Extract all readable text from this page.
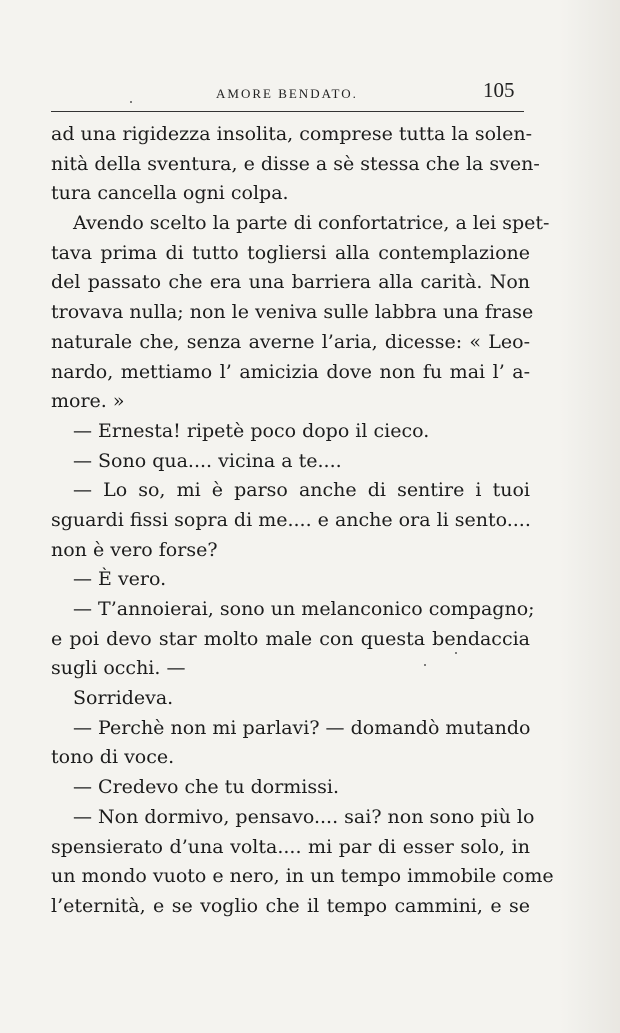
AMORE BENDATO.	105
ad una rigidezza insolita, comprese tutta la solen-
nità della sventura, e disse a sè stessa che la sven-
tura cancella ogni colpa.
Avendo scelto la parte di confortatrice, a lei spet-
tava prima di tutto togliersi alla contemplazione
del passato che era una barriera alla carità. Non
trovava nulla; non le veniva sulle labbra una frase
naturale che, senza averne l’aria, dicesse: « Leo-
nardo, mettiamo l’ amicizia dove non fu mai l’ a-
more. »
— Ernesta! ripetè poco dopo il cieco.
— Sono qua.... vicina a te....
— Lo so, mi è parso anche di sentire i tuoi
sguardi fissi sopra di me.... e anche ora li sento....
non è vero forse?
— È vero.
— T’annoierai, sono un melanconico compagno;
e poi devo star molto male con questa bendaccia
sugli occhi. —
Sorrideva.
— Perchè non mi parlavi? — domandò mutando
tono di voce.
— Credevo che tu dormissi.
— Non dormivo, pensavo.... sai? non sono più lo
spensierato d’una volta.... mi par di esser solo, in
un mondo vuoto e nero, in un tempo immobile come
l’eternità, e se voglio che il tempo cammini, e se
